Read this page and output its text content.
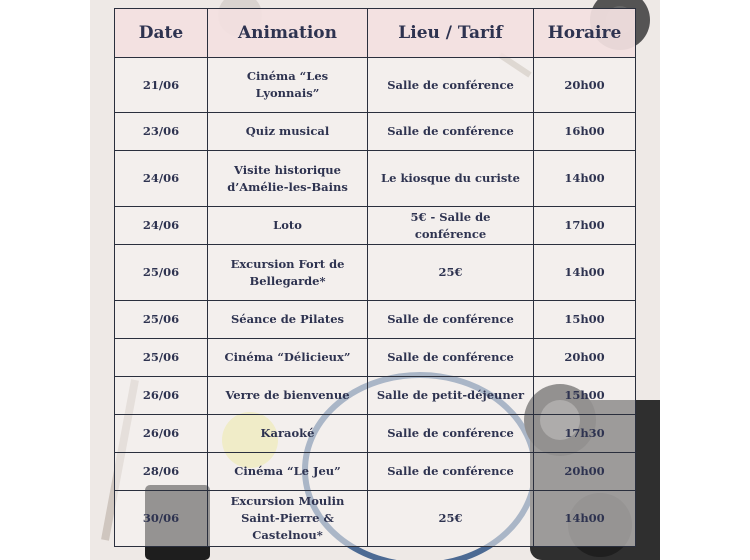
Date	Animation	Lieu / Tarif	Horaire
21/06	Cinéma “Les Lyonnais”	Salle de conférence	20h00
23/06	Quiz musical	Salle de conférence	16h00
24/06	Visite historique d’Amélie-les-Bains	Le kiosque du curiste	14h00
24/06	Loto	5€ - Salle de conférence	17h00
25/06	Excursion Fort de Bellegarde*	25€	14h00
25/06	Séance de Pilates	Salle de conférence	15h00
25/06	Cinéma “Délicieux”	Salle de conférence	20h00
26/06	Verre de bienvenue	Salle de petit-déjeuner	15h00
26/06	Karaoké	Salle de conférence	17h30
28/06	Cinéma “Le Jeu”	Salle de conférence	20h00
30/06	Excursion Moulin Saint-Pierre & Castelnou*	25€	14h00
